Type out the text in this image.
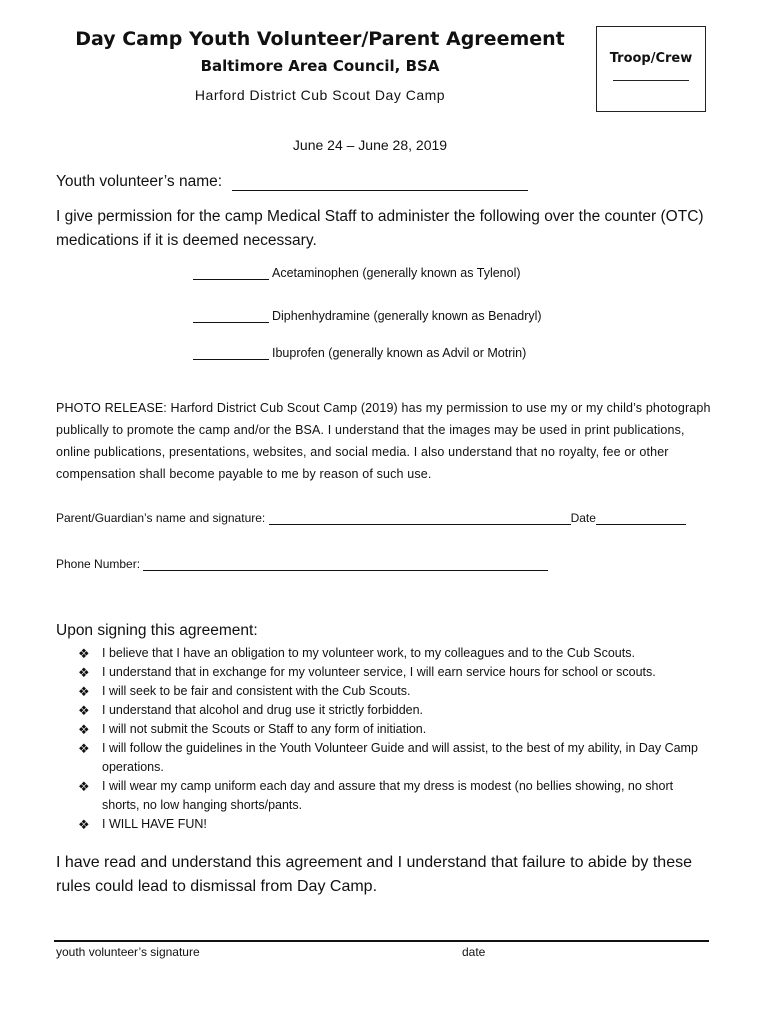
Day Camp Youth Volunteer/Parent Agreement
Baltimore Area Council, BSA
Harford District Cub Scout Day Camp
Troop/Crew
June 24 – June 28, 2019
Youth volunteer’s name:
I give permission for the camp Medical Staff to administer the following over the counter (OTC) medications if it is deemed necessary.
Acetaminophen (generally known as Tylenol)
Diphenhydramine (generally known as Benadryl)
Ibuprofen (generally known as Advil or Motrin)
PHOTO RELEASE: Harford District Cub Scout Camp (2019) has my permission to use my or my child’s photograph publically to promote the camp and/or the BSA. I understand that the images may be used in print publications, online publications, presentations, websites, and social media. I also understand that no royalty, fee or other compensation shall become payable to me by reason of such use.
Parent/Guardian’s name and signature:	Date
Phone Number:
Upon signing this agreement:
❖ I believe that I have an obligation to my volunteer work, to my colleagues and to the Cub Scouts.
❖ I understand that in exchange for my volunteer service, I will earn service hours for school or scouts.
❖ I will seek to be fair and consistent with the Cub Scouts.
❖ I understand that alcohol and drug use it strictly forbidden.
❖ I will not submit the Scouts or Staff to any form of initiation.
❖ I will follow the guidelines in the Youth Volunteer Guide and will assist, to the best of my ability, in Day Camp operations.
❖ I will wear my camp uniform each day and assure that my dress is modest (no bellies showing, no short shorts, no low hanging shorts/pants.
❖ I WILL HAVE FUN!
I have read and understand this agreement and I understand that failure to abide by these rules could lead to dismissal from Day Camp.
youth volunteer’s signature	date
